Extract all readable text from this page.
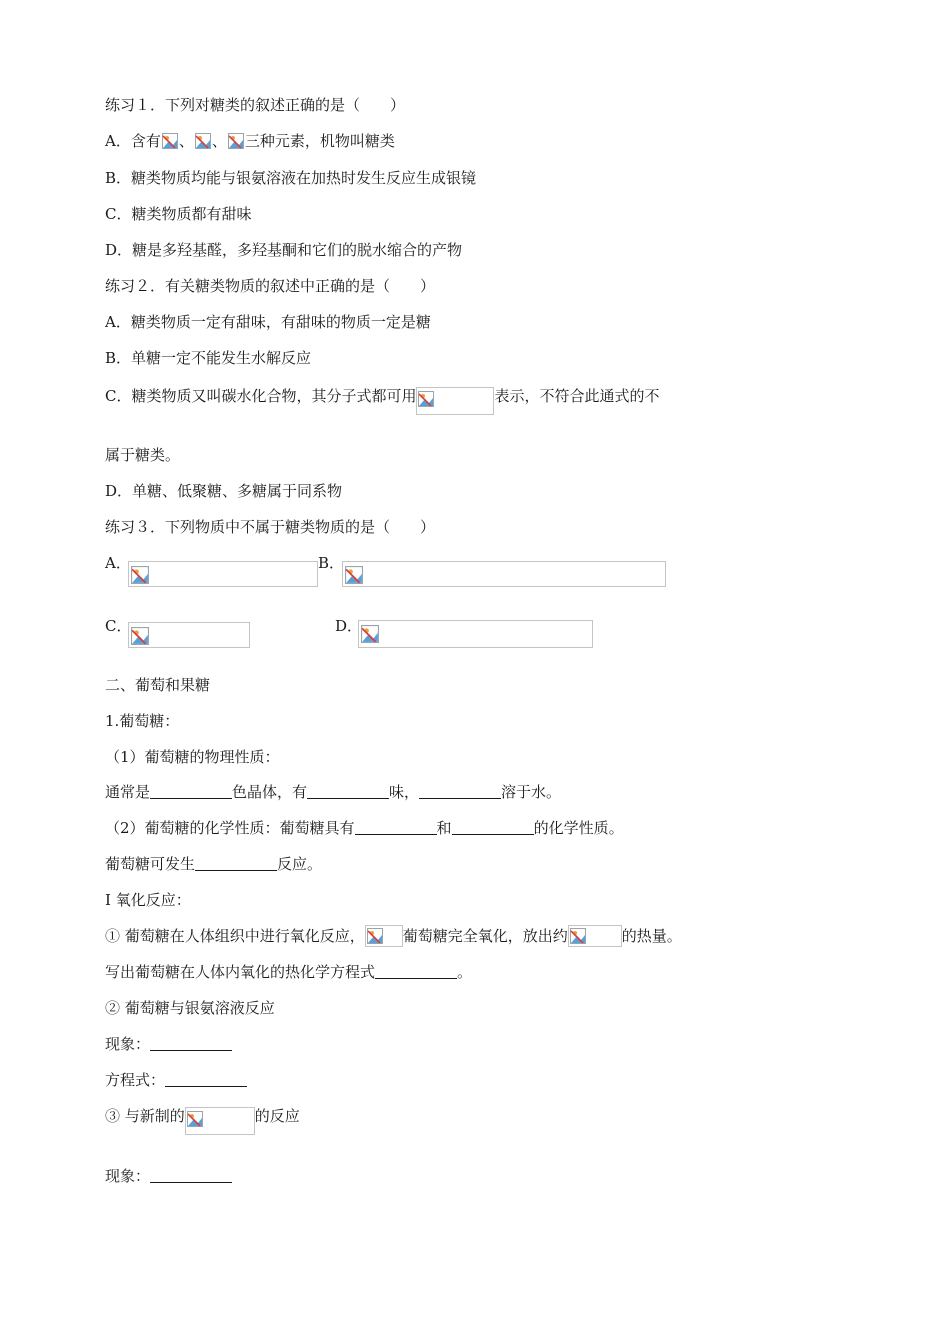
练习１．下列对糖类的叙述正确的是（　　）
A．含有 、 、 三种元素，机物叫糖类
B．糖类物质均能与银氨溶液在加热时发生反应生成银镜
C．糖类物质都有甜味
D．糖是多羟基醛，多羟基酮和它们的脱水缩合的产物
练习２．有关糖类物质的叙述中正确的是（　　）
A．糖类物质一定有甜味，有甜味的物质一定是糖
B．单糖一定不能发生水解反应
C．糖类物质又叫碳水化合物，其分子式都可用	表示，不符合此通式的不
属于糖类。
D．单糖、低聚糖、多糖属于同系物
练习３．下列物质中不属于糖类物质的是（　　）
A．	B．
C．	D．
二、葡萄和果糖
1.葡萄糖：
（1）葡萄糖的物理性质：
通常是	色晶体，有	味，	溶于水。
（2）葡萄糖的化学性质：葡萄糖具有	和	的化学性质。
葡萄糖可发生	反应。
Ⅰ 氧化反应：
① 葡萄糖在人体组织中进行氧化反应，	葡萄糖完全氧化，放出约	的热量。
写出葡萄糖在人体内氧化的热化学方程式	。
② 葡萄糖与银氨溶液反应
现象：
方程式：
③ 与新制的	的反应
现象：
